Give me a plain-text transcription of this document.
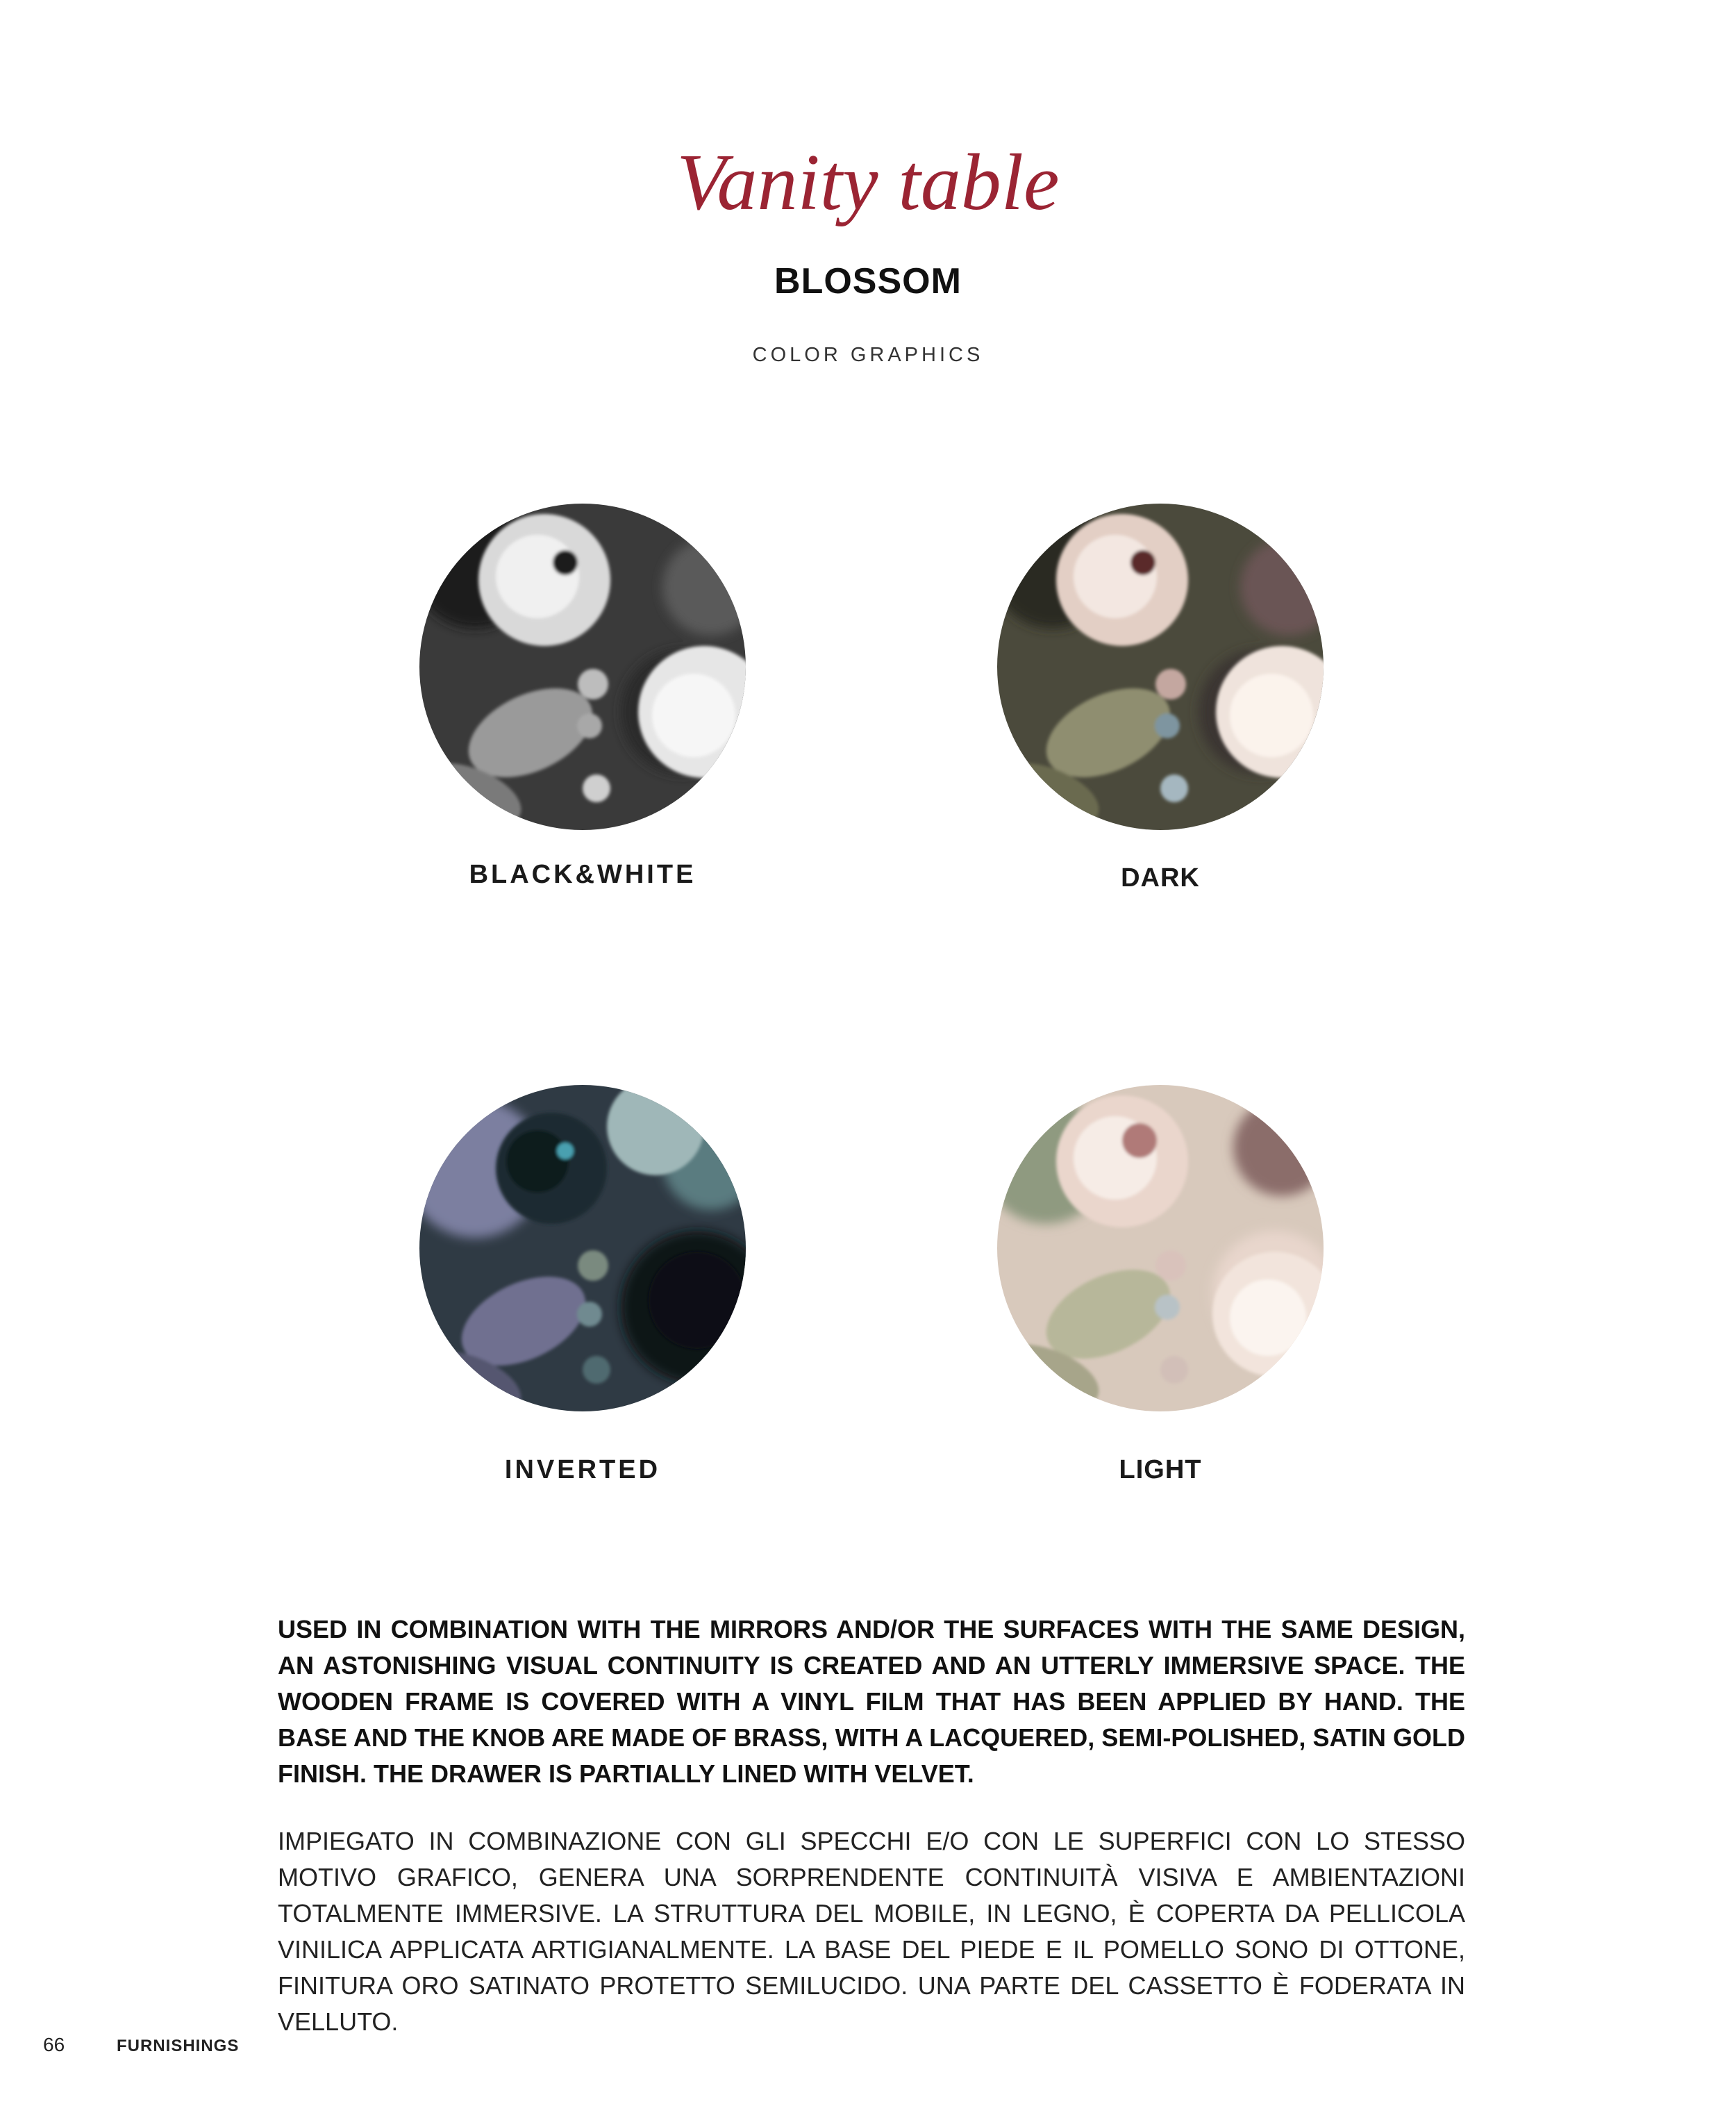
Vanity table
BLOSSOM
COLOR GRAPHICS
BLACK&WHITE	DARK
INVERTED	LIGHT
USED IN COMBINATION WITH THE MIRRORS AND/OR THE SURFACES WITH THE SAME DESIGN, AN ASTONISHING VISUAL CONTINUITY IS CREATED AND AN UTTERLY IMMERSIVE SPACE. THE WOODEN FRAME IS COVERED WITH A VINYL FILM THAT HAS BEEN APPLIED BY HAND. THE BASE AND THE KNOB ARE MADE OF BRASS, WITH A LACQUERED, SEMI-POLISHED, SATIN GOLD FINISH. THE DRAWER IS PARTIALLY LINED WITH VELVET.
IMPIEGATO IN COMBINAZIONE CON GLI SPECCHI E/O CON LE SUPERFICI CON LO STESSO MOTIVO GRAFICO, GENERA UNA SORPRENDENTE CONTINUITÀ VISIVA E AMBIENTAZIONI TOTALMENTE IMMERSIVE. LA STRUTTURA DEL MOBILE, IN LEGNO, È COPERTA DA PELLICOLA VINILICA APPLICATA ARTIGIANALMENTE. LA BASE DEL PIEDE E IL POMELLO SONO DI OTTONE, FINITURA ORO SATINATO PROTETTO SEMILUCIDO. UNA PARTE DEL CASSETTO È FODERATA IN VELLUTO.
66	FURNISHINGS
